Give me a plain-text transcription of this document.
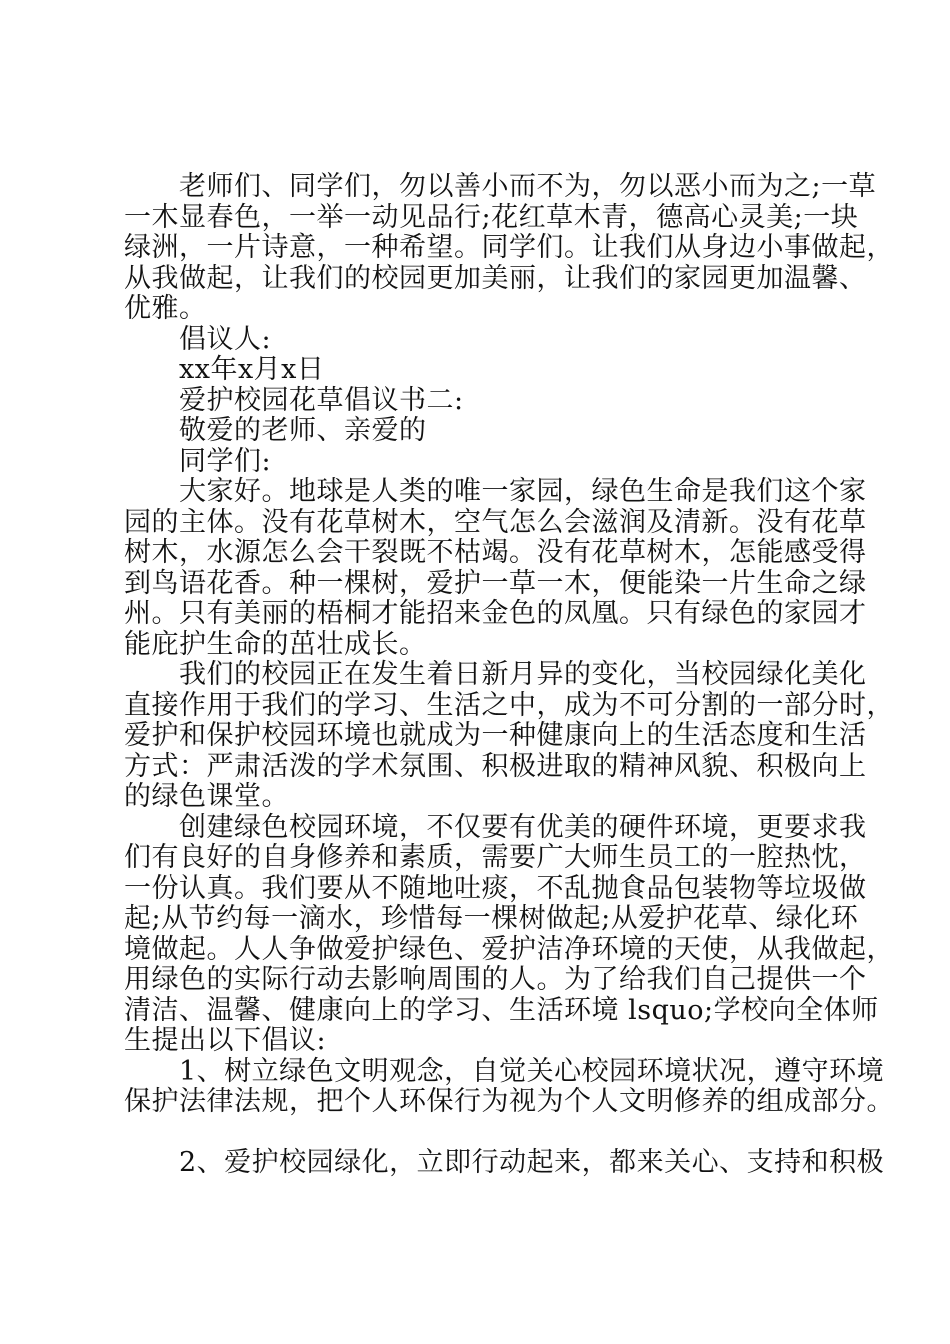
老师们、同学们，勿以善小而不为，勿以恶小而为之;一草
一木显春色，一举一动见品行;花红草木青，德高心灵美;一块
绿洲，一片诗意，一种希望。同学们。让我们从身边小事做起，
从我做起，让我们的校园更加美丽，让我们的家园更加温馨、
优雅。
倡议人:
xx年x月x日
爱护校园花草倡议书二:
敬爱的老师、亲爱的
同学们:
大家好。地球是人类的唯一家园，绿色生命是我们这个家
园的主体。没有花草树木，空气怎么会滋润及清新。没有花草
树木，水源怎么会干裂既不枯竭。没有花草树木，怎能感受得
到鸟语花香。种一棵树，爱护一草一木，便能染一片生命之绿
州。只有美丽的梧桐才能招来金色的凤凰。只有绿色的家园才
能庇护生命的茁壮成长。
我们的校园正在发生着日新月异的变化，当校园绿化美化
直接作用于我们的学习、生活之中，成为不可分割的一部分时，
爱护和保护校园环境也就成为一种健康向上的生活态度和生活
方式：严肃活泼的学术氛围、积极进取的精神风貌、积极向上
的绿色课堂。
创建绿色校园环境，不仅要有优美的硬件环境，更要求我
们有良好的自身修养和素质，需要广大师生员工的一腔热忱，
一份认真。我们要从不随地吐痰，不乱抛食品包装物等垃圾做
起;从节约每一滴水，珍惜每一棵树做起;从爱护花草、绿化环
境做起。人人争做爱护绿色、爱护洁净环境的天使，从我做起，
用绿色的实际行动去影响周围的人。为了给我们自己提供一个
清洁、温馨、健康向上的学习、生活环境 lsquo;学校向全体师
生提出以下倡议:
1、树立绿色文明观念，自觉关心校园环境状况，遵守环境
保护法律法规，把个人环保行为视为个人文明修养的组成部分。
2、爱护校园绿化，立即行动起来，都来关心、支持和积极
